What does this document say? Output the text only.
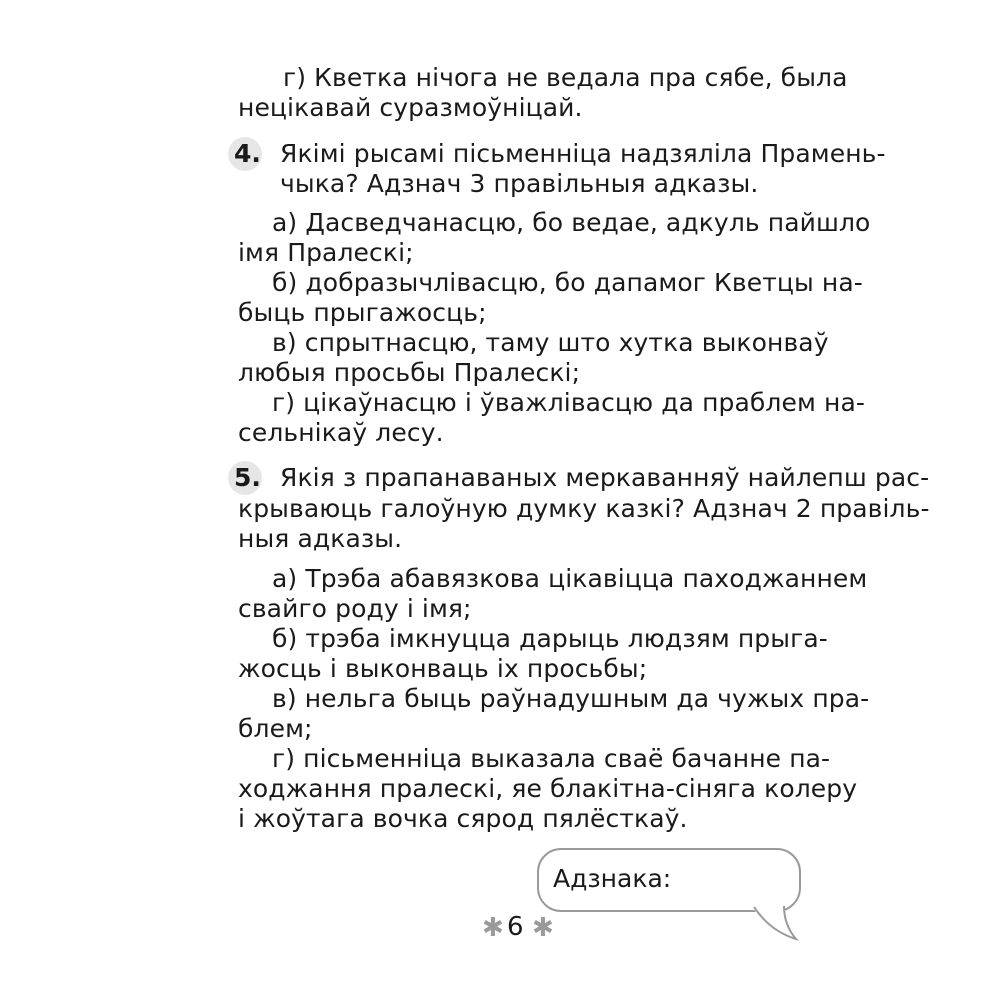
г) Кветка нічога не ведала пра сябе, была
нецікавай суразмоўніцай.
4. Якімі рысамі пісьменніца надзяліла Прамень-
чыка? Адзнач 3 правільныя адказы.
а) Дасведчанасцю, бо ведае, адкуль пайшло
імя Пралескі;
б) добразычлівасцю, бо дапамог Кветцы на-
быць прыгажосць;
в) спрытнасцю, таму што хутка выконваў
любыя просьбы Пралескі;
г) цікаўнасцю і ўважлівасцю да праблем на-
сельнікаў лесу.
5. Якія з прапанаваных меркаванняў найлепш рас-
крываюць галоўную думку казкі? Адзнач 2 правіль-
ныя адказы.
а) Трэба абавязкова цікавіцца паходжаннем
свайго роду і імя;
б) трэба імкнуцца дарыць людзям прыга-
жосць і выконваць іх просьбы;
в) нельга быць раўнадушным да чужых пра-
блем;
г) пісьменніца выказала сваё бачанне па-
ходжання пралескі, яе блакітна-сіняга колеру
і жоўтага вочка сярод пялёсткаў.
Адзнака:
✱ 6 ✱
